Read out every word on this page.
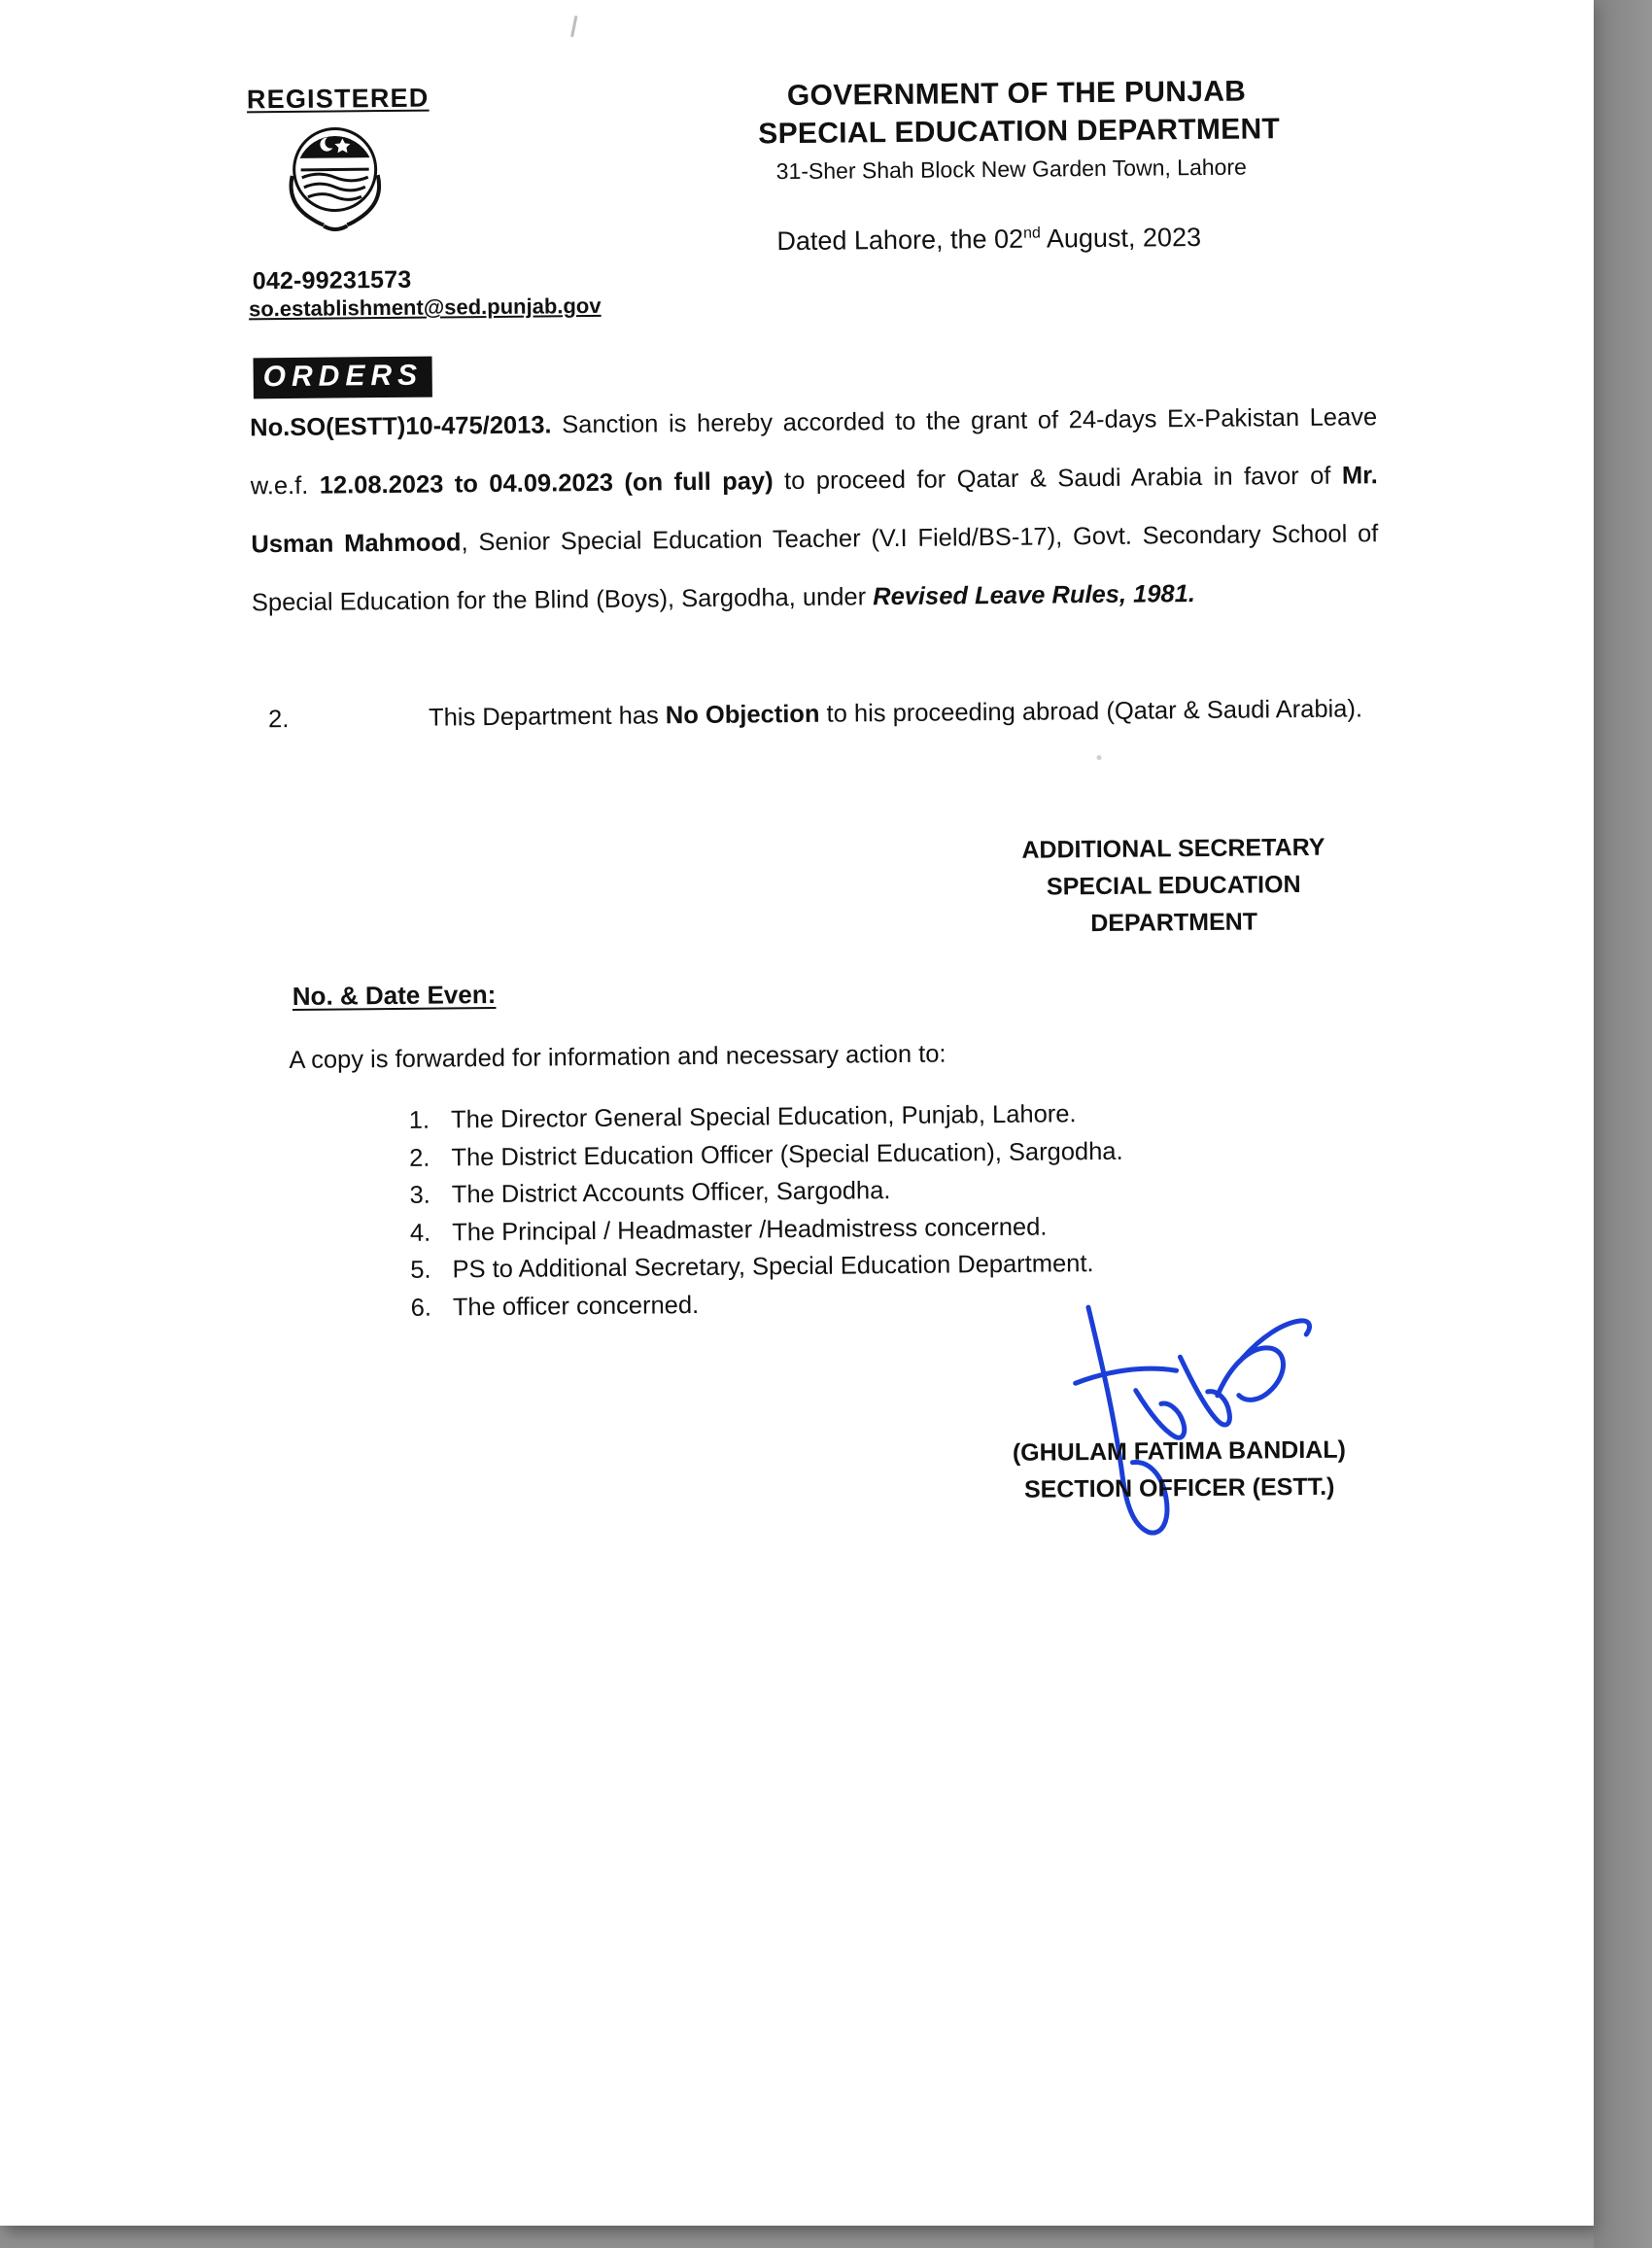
REGISTERED
042-99231573
so.establishment@sed.punjab.gov
GOVERNMENT OF THE PUNJAB
SPECIAL EDUCATION DEPARTMENT
31-Sher Shah Block New Garden Town, Lahore
Dated Lahore, the 02nd August, 2023
ORDERS
No.SO(ESTT)10-475/2013. Sanction is hereby accorded to the grant of 24-days Ex-Pakistan Leave w.e.f. 12.08.2023 to 04.09.2023 (on full pay) to proceed for Qatar & Saudi Arabia in favor of Mr. Usman Mahmood, Senior Special Education Teacher (V.I Field/BS-17), Govt. Secondary School of Special Education for the Blind (Boys), Sargodha, under Revised Leave Rules, 1981.
2.	This Department has No Objection to his proceeding abroad (Qatar & Saudi Arabia).
ADDITIONAL SECRETARY
SPECIAL EDUCATION
DEPARTMENT
No. & Date Even:
A copy is forwarded for information and necessary action to:
1. The Director General Special Education, Punjab, Lahore.
2. The District Education Officer (Special Education), Sargodha.
3. The District Accounts Officer, Sargodha.
4. The Principal / Headmaster /Headmistress concerned.
5. PS to Additional Secretary, Special Education Department.
6. The officer concerned.
(GHULAM FATIMA BANDIAL)
SECTION OFFICER (ESTT.)
